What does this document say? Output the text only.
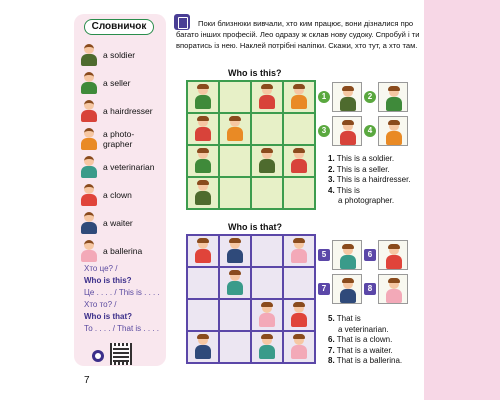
Словничок
a soldier
a seller
a hairdresser
a photo-
grapher
a veterinarian
a clown
a waiter
a ballerina
Хто це? /
Who is this?
Це . . . . / This is . . . .
Хто то? /
Who is that?
То . . . . / That is . . . .
7
Поки близнюки вивчали, хто ким працює, вони дізналися про багато інших професій. Лео одразу ж склав нову судоку. Спробуй і ти впоратись із нею. Наклей потрібні наліпки. Скажи, хто тут, а хто там.
Who is this?
1	2
3	4
1. This is a soldier.
2. This is a seller.
3. This is a hairdresser.
4. This is
a photographer.
Who is that?
5	6
7	8
5. That is
a veterinarian.
6. That is a clown.
7. That is a waiter.
8. That is a ballerina.
